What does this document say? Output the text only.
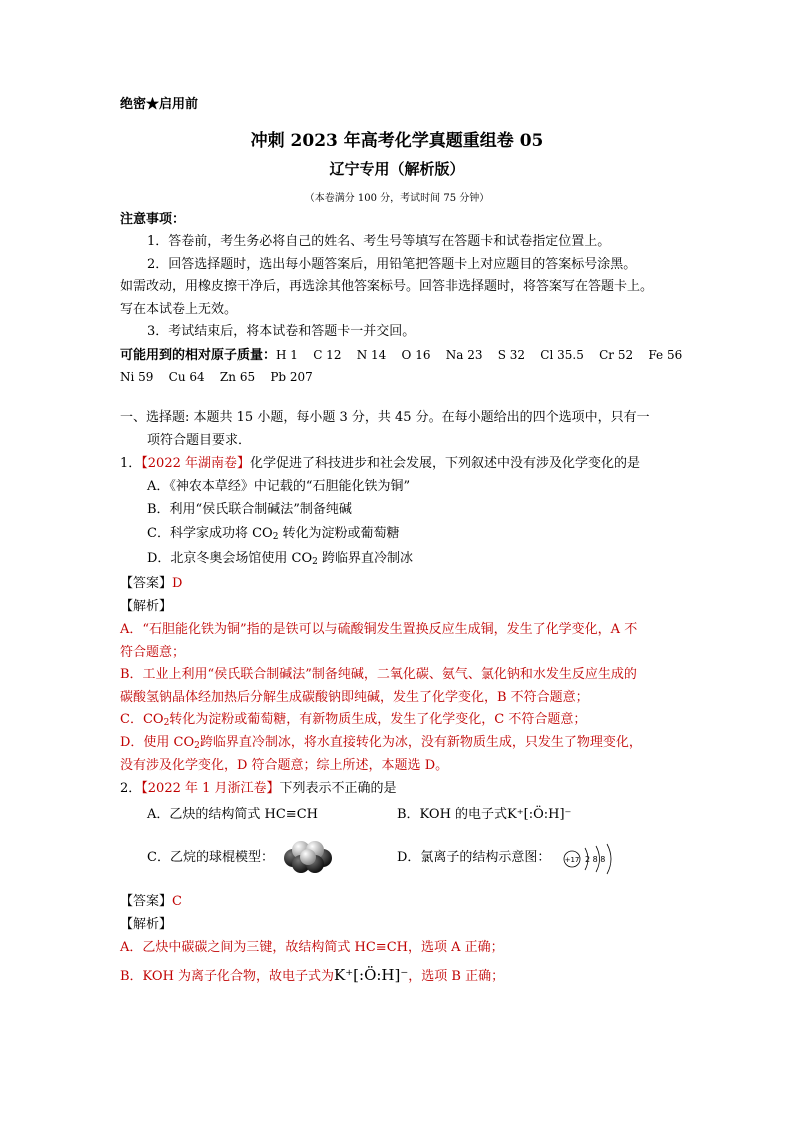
绝密★启用前
冲刺 2023 年高考化学真题重组卷 05
辽宁专用（解析版）
（本卷满分 100 分，考试时间 75 分钟）
注意事项：
1．答卷前，考生务必将自己的姓名、考生号等填写在答题卡和试卷指定位置上。
2．回答选择题时，选出每小题答案后，用铅笔把答题卡上对应题目的答案标号涂黑。
如需改动，用橡皮擦干净后，再选涂其他答案标号。回答非选择题时，将答案写在答题卡上。
写在本试卷上无效。
3．考试结束后，将本试卷和答题卡一并交回。
可能用到的相对原子质量：H 1    C 12    N 14    O 16    Na 23    S 32    Cl 35.5    Cr 52    Fe 56
Ni 59    Cu 64    Zn 65    Pb 207
一、选择题: 本题共 15 小题，每小题 3 分，共 45 分。在每小题给出的四个选项中，只有一
项符合题目要求．
1．【2022 年湖南卷】化学促进了科技进步和社会发展，下列叙述中没有涉及化学变化的是
A．《神农本草经》中记载的“石胆能化铁为铜”
B．利用“侯氏联合制碱法”制备纯碱
C．科学家成功将 $CO_2$ 转化为淀粉或葡萄糖
D．北京冬奥会场馆使用 $CO_2$ 跨临界直冷制冰
【答案】D
【解析】
A．“石胆能化铁为铜”指的是铁可以与硫酸铜发生置换反应生成铜，发生了化学变化，A 不
符合题意；
B．工业上利用“侯氏联合制碱法”制备纯碱，二氧化碳、氨气、氯化钠和水发生反应生成的
碳酸氢钠晶体经加热后分解生成碳酸钠即纯碱，发生了化学变化，B 不符合题意；
C．$CO_2$转化为淀粉或葡萄糖，有新物质生成，发生了化学变化，C 不符合题意；
D．使用 $CO_2$跨临界直冷制冰，将水直接转化为冰，没有新物质生成，只发生了物理变化，
没有涉及化学变化，D 符合题意；综上所述，本题选 D。
2．【2022 年 1 月浙江卷】下列表示不正确的是
A．乙炔的结构简式 HC≡CH	B．KOH 的电子式K⁺[:Ö:H]⁻
C．乙烷的球棍模型：	D．氯离子的结构示意图： +17 2 8 8
【答案】C
【解析】
A．乙炔中碳碳之间为三键，故结构简式 HC≡CH，选项 A 正确；
B．KOH 为离子化合物，故电子式为K⁺[:Ö:H]⁻，选项 B 正确；
